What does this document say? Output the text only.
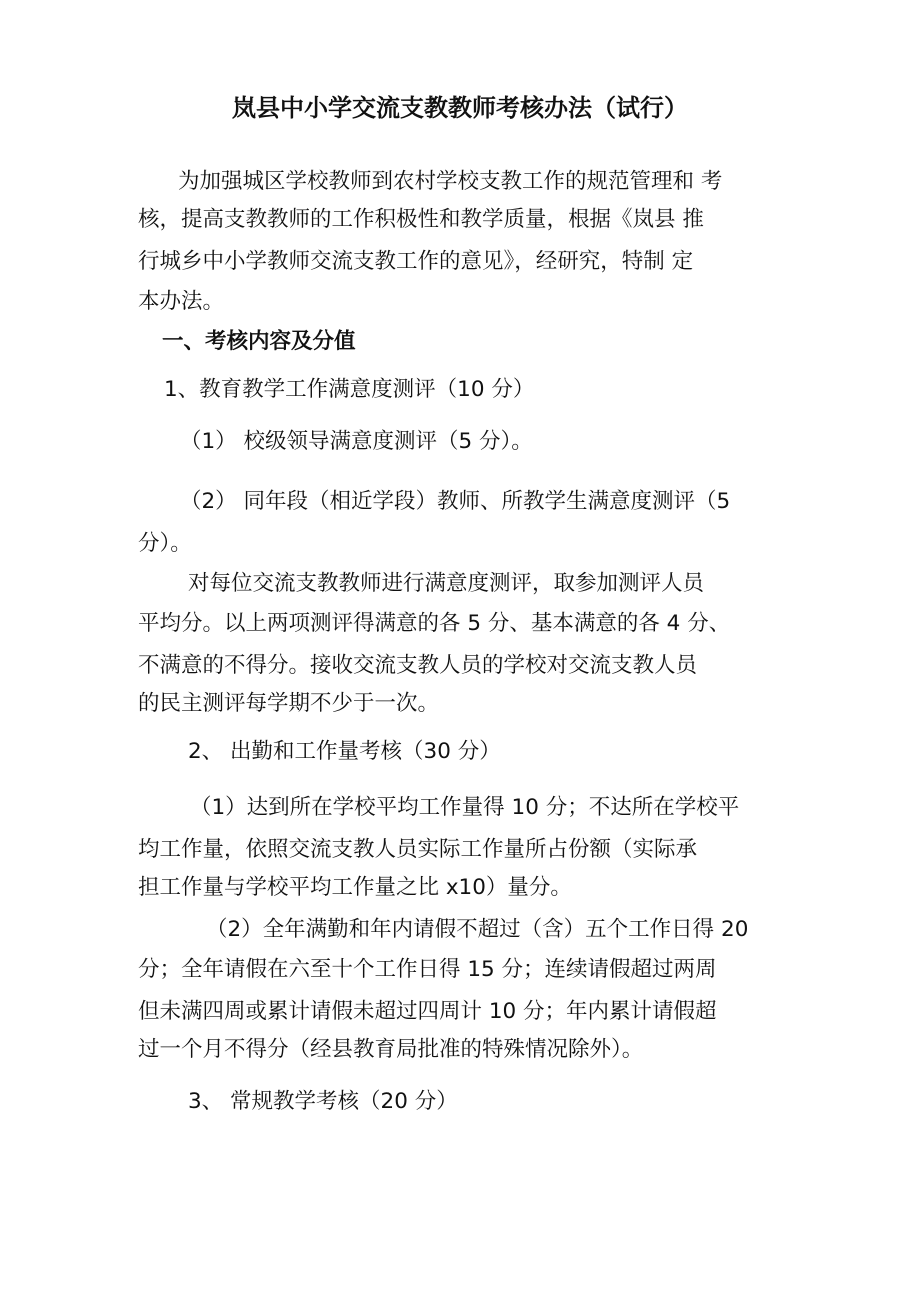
岚县中小学交流支教教师考核办法（试行）
为加强城区学校教师到农村学校支教工作的规范管理和 考
核，提高支教教师的工作积极性和教学质量，根据《岚县 推
行城乡中小学教师交流支教工作的意见》，经研究，特制 定
本办法。
一、考核内容及分值
1、教育教学工作满意度测评（10 分）
（1） 校级领导满意度测评（5 分）。
（2） 同年段（相近学段）教师、所教学生满意度测评（5
分）。
对每位交流支教教师进行满意度测评，取参加测评人员
平均分。以上两项测评得满意的各 5 分、基本满意的各 4 分、
不满意的不得分。接收交流支教人员的学校对交流支教人员
的民主测评每学期不少于一次。
2、 出勤和工作量考核（30 分）
（1）达到所在学校平均工作量得 10 分；不达所在学校平
均工作量，依照交流支教人员实际工作量所占份额（实际承
担工作量与学校平均工作量之比 x10）量分。
（2）全年满勤和年内请假不超过（含）五个工作日得 20
分；全年请假在六至十个工作日得 15 分；连续请假超过两周
但未满四周或累计请假未超过四周计 10 分；年内累计请假超
过一个月不得分（经县教育局批准的特殊情况除外）。
3、 常规教学考核（20 分）
